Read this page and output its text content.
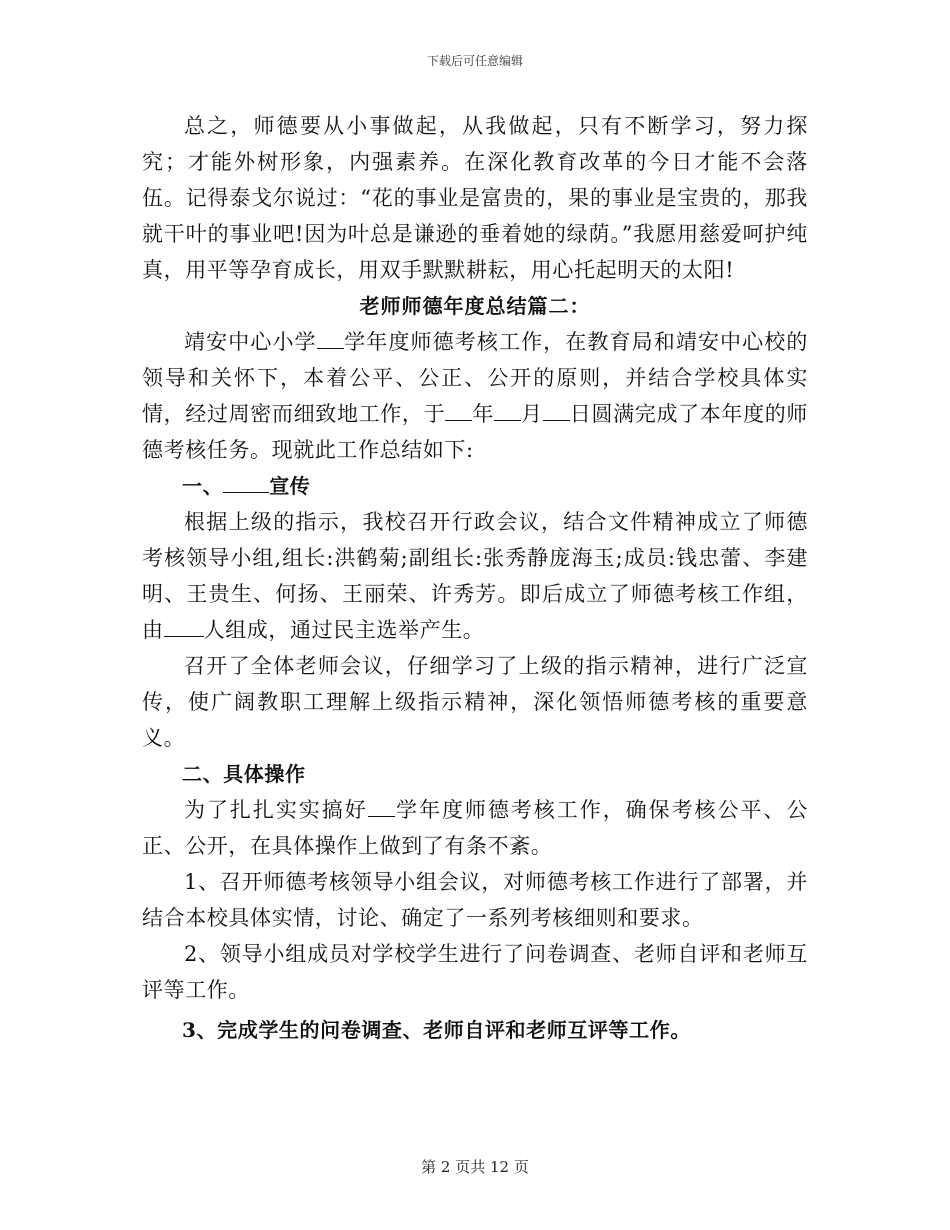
下载后可任意编辑

总之，师德要从小事做起，从我做起，只有不断学习，努力探究；才能外树形象，内强素养。在深化教育改革的今日才能不会落伍。记得泰戈尔说过：“花的事业是富贵的，果的事业是宝贵的，那我就干叶的事业吧!因为叶总是谦逊的垂着她的绿荫。”我愿用慈爱呵护纯真，用平等孕育成长，用双手默默耕耘，用心托起明天的太阳!

老师师德年度总结篇二：

靖安中心小学 学年度师德考核工作，在教育局和靖安中心校的领导和关怀下，本着公平、公正、公开的原则，并结合学校具体实情，经过周密而细致地工作，于 年 月 日圆满完成了本年度的师德考核任务。现就此工作总结如下:

一、 宣传

根据上级的指示，我校召开行政会议，结合文件精神成立了师德考核领导小组,组长:洪鹤菊;副组长:张秀静庞海玉;成员:钱忠蕾、李建明、王贵生、何扬、王丽荣、许秀芳。即后成立了师德考核工作组，由 人组成，通过民主选举产生。

召开了全体老师会议，仔细学习了上级的指示精神，进行广泛宣传，使广阔教职工理解上级指示精神，深化领悟师德考核的重要意义。

二、具体操作

为了扎扎实实搞好 学年度师德考核工作，确保考核公平、公正、公开，在具体操作上做到了有条不紊。

1、召开师德考核领导小组会议，对师德考核工作进行了部署，并结合本校具体实情，讨论、确定了一系列考核细则和要求。

2、领导小组成员对学校学生进行了问卷调查、老师自评和老师互评等工作。

3、完成学生的问卷调查、老师自评和老师互评等工作。

第 2 页共 12 页
